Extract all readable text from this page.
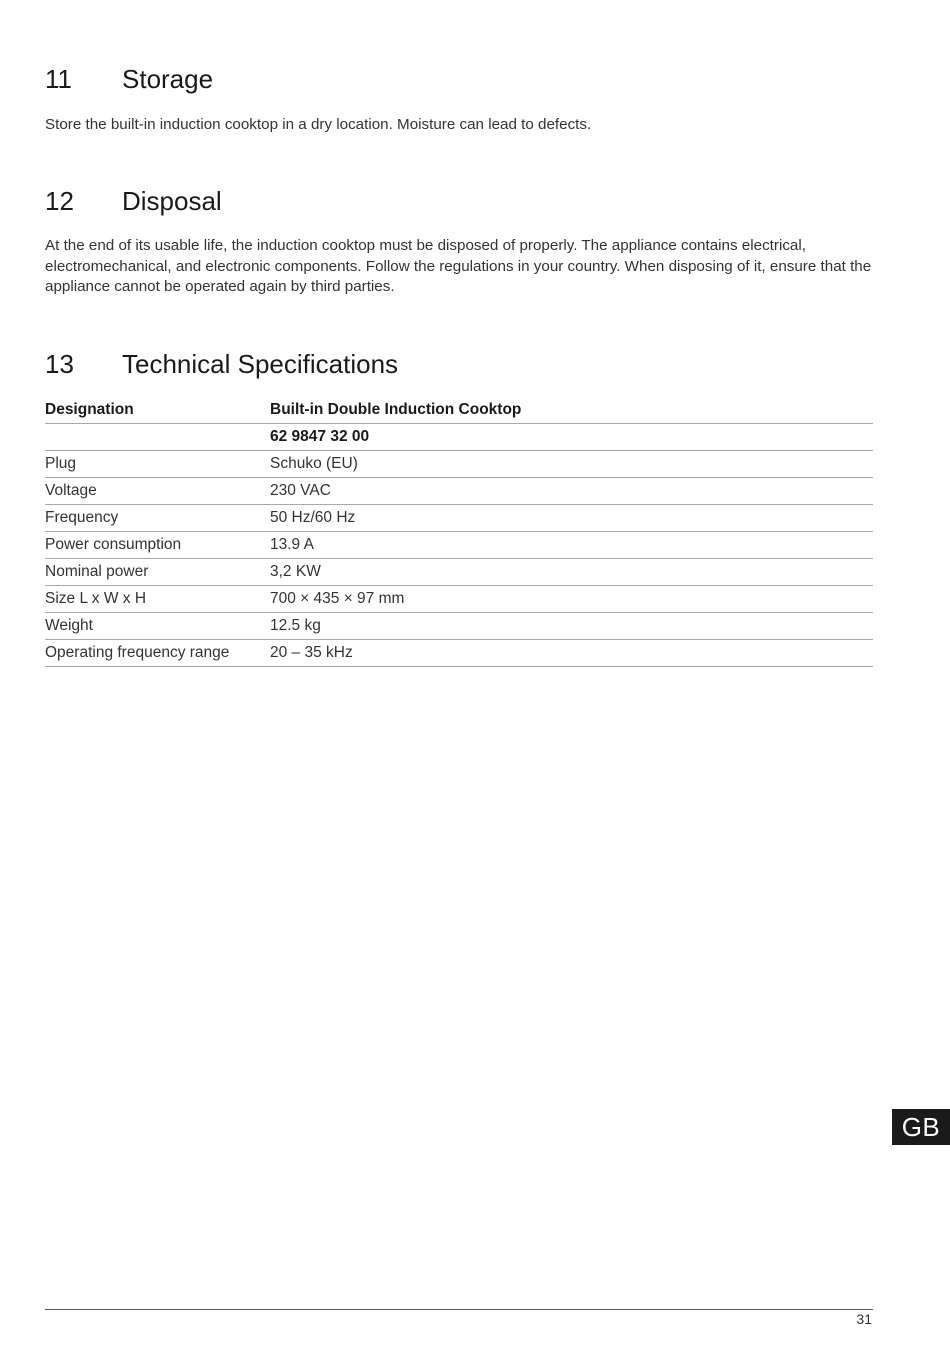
11 Storage

Store the built-in induction cooktop in a dry location. Moisture can lead to defects.

12 Disposal

At the end of its usable life, the induction cooktop must be disposed of properly. The appliance contains electrical, electromechanical, and electronic components. Follow the regulations in your country. When disposing of it, ensure that the appliance cannot be operated again by third parties.

13 Technical Specifications
Designation	Built-in Double Induction Cooktop
	62 9847 32 00
Plug	Schuko (EU)
Voltage	230 VAC
Frequency	50 Hz/60 Hz
Power consumption	13.9 A
Nominal power	3,2 KW
Size L x W x H	700 × 435 × 97 mm
Weight	12.5 kg
Operating frequency range	20 – 35 kHz
GB
31
